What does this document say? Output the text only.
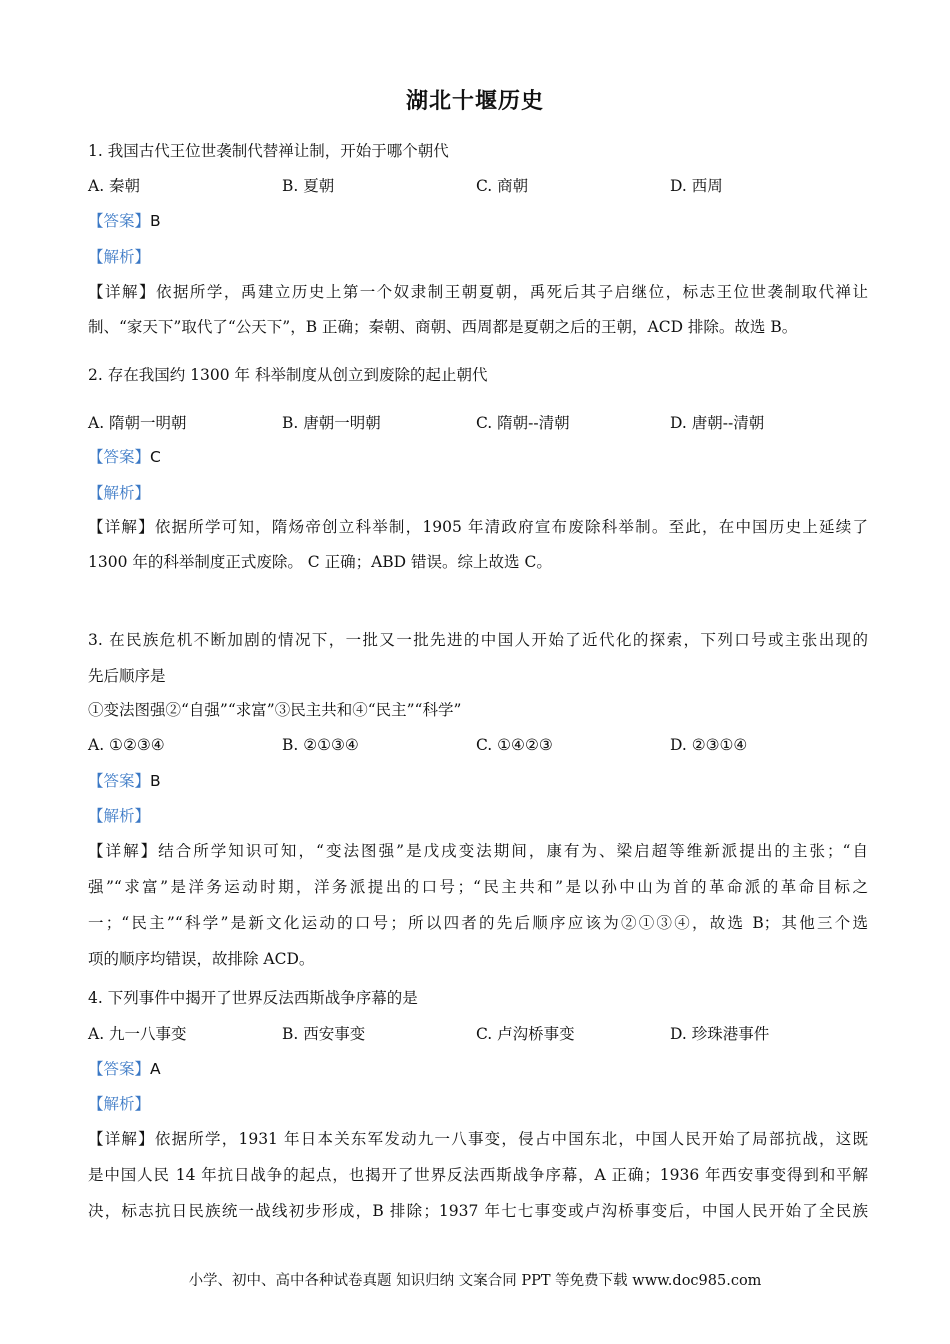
湖北十堰历史
1. 我国古代王位世袭制代替禅让制，开始于哪个朝代
A. 秦朝	B. 夏朝	C. 商朝	D. 西周
【答案】B
【解析】
【详解】依据所学，禹建立历史上第一个奴隶制王朝夏朝，禹死后其子启继位，标志王位世袭制取代禅让
制、“家天下”取代了“公天下”，B 正确；秦朝、商朝、西周都是夏朝之后的王朝，ACD 排除。故选 B。
2. 存在我国约 1300 年 科举制度从创立到废除的起止朝代
A. 隋朝一明朝	B. 唐朝一明朝	C. 隋朝--清朝	D. 唐朝--清朝
【答案】C
【解析】
【详解】依据所学可知，隋炀帝创立科举制，1905 年清政府宣布废除科举制。至此，在中国历史上延续了
1300 年的科举制度正式废除。 C 正确；ABD 错误。综上故选 C。
3. 在民族危机不断加剧的情况下，一批又一批先进的中国人开始了近代化的探索，下列口号或主张出现的
先后顺序是
①变法图强②“自强”“求富”③民主共和④“民主”“科学”
A. ①②③④	B. ②①③④	C. ①④②③	D. ②③①④
【答案】B
【解析】
【详解】结合所学知识可知，“变法图强”是戊戌变法期间，康有为、梁启超等维新派提出的主张；“自
强”“求富”是洋务运动时期，洋务派提出的口号；“民主共和”是以孙中山为首的革命派的革命目标之
一；“民主”“科学”是新文化运动的口号；所以四者的先后顺序应该为②①③④，故选 B；其他三个选
项的顺序均错误，故排除 ACD。
4. 下列事件中揭开了世界反法西斯战争序幕的是
A. 九一八事变	B. 西安事变	C. 卢沟桥事变	D. 珍珠港事件
【答案】A
【解析】
【详解】依据所学，1931 年日本关东军发动九一八事变，侵占中国东北，中国人民开始了局部抗战，这既
是中国人民 14 年抗日战争的起点，也揭开了世界反法西斯战争序幕，A 正确；1936 年西安事变得到和平解
决，标志抗日民族统一战线初步形成，B 排除；1937 年七七事变或卢沟桥事变后，中国人民开始了全民族
小学、初中、高中各种试卷真题 知识归纳 文案合同 PPT 等免费下载 www.doc985.com
